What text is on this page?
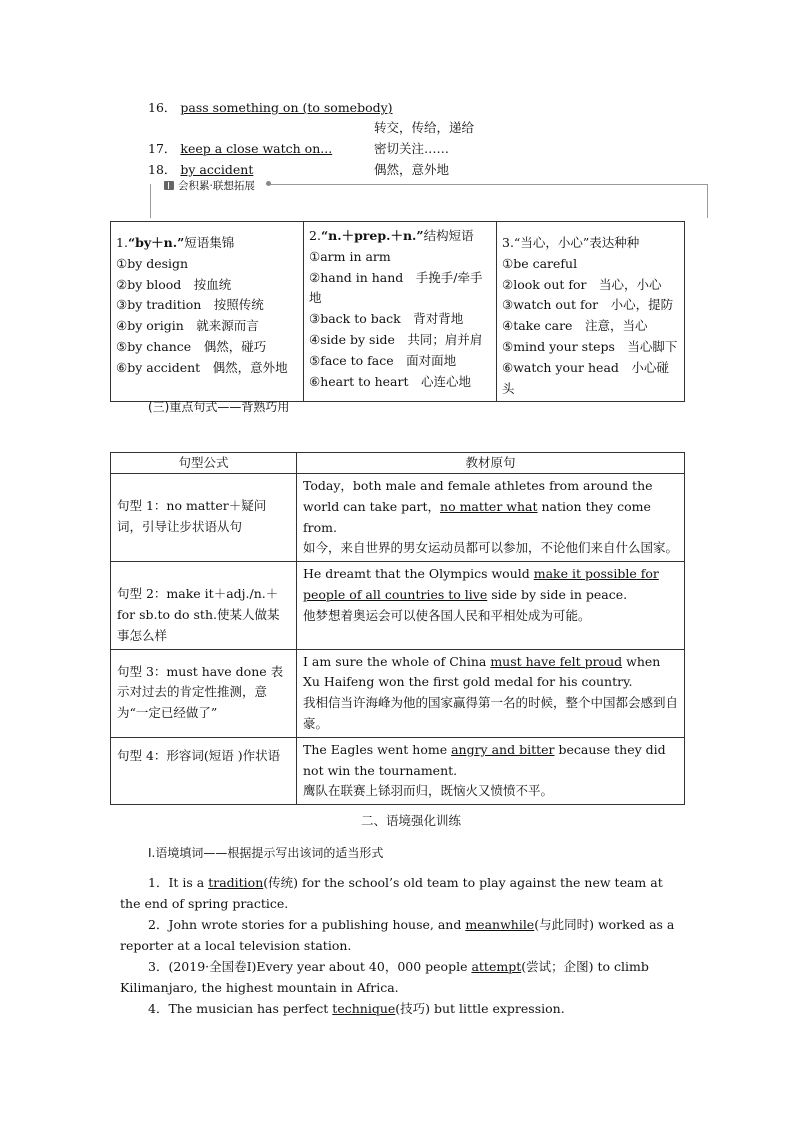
16． pass something on (to somebody)
转交，传给，递给
17． keep a close watch on...	密切关注……
18． by accident	偶然，意外地
会积累·联想拓展
1.“by＋n.”短语集锦
①by design
②by blood　按血统
③by tradition　按照传统
④by origin　就来源而言
⑤by chance　偶然，碰巧
⑥by accident　偶然，意外地

2.“n.＋prep.＋n.”结构短语
①arm in arm
②hand in hand　手挽手/牵手地
③back to back　背对背地
④side by side　共同；肩并肩
⑤face to face　面对面地
⑥heart to heart　心连心地

3.“当心，小心”表达种种
①be careful
②look out for　当心，小心
③watch out for　小心，提防
④take care　注意，当心
⑤mind your steps　当心脚下
⑥watch your head　小心碰头
(三)重点句式——背熟巧用
句型公式	教材原句
句型 1：no matter＋疑问词，引导让步状语从句	Today，both male and female athletes from around the world can take part，no matter what nation they come from.
如今，来自世界的男女运动员都可以参加，不论他们来自什么国家。

句型 2：make it＋adj./n.＋for sb.to do sth.使某人做某事怎么样	He dreamt that the Olympics would make it possible for people of all countries to live side by side in peace.
他梦想着奥运会可以使各国人民和平相处成为可能。

句型 3：must have done 表示对过去的肯定性推测，意为“一定已经做了”	I am sure the whole of China must have felt proud when Xu Haifeng won the first gold medal for his country.
我相信当许海峰为他的国家赢得第一名的时候，整个中国都会感到自豪。

句型 4：形容词(短语 )作状语	The Eagles went home angry and bitter because they did not win the tournament.
鹰队在联赛上铩羽而归，既恼火又愤愤不平。
二、语境强化训练
Ⅰ.语境填词——根据提示写出该词的适当形式
1．It is a tradition(传统) for the school’s old team to play against the new team at the end of spring practice.
2．John wrote stories for a publishing house, and meanwhile(与此同时) worked as a reporter at a local television station.
3．(2019·全国卷Ⅰ)Every year about 40，000 people attempt(尝试；企图) to climb Kilimanjaro, the highest mountain in Africa.
4．The musician has perfect technique(技巧) but little expression.
